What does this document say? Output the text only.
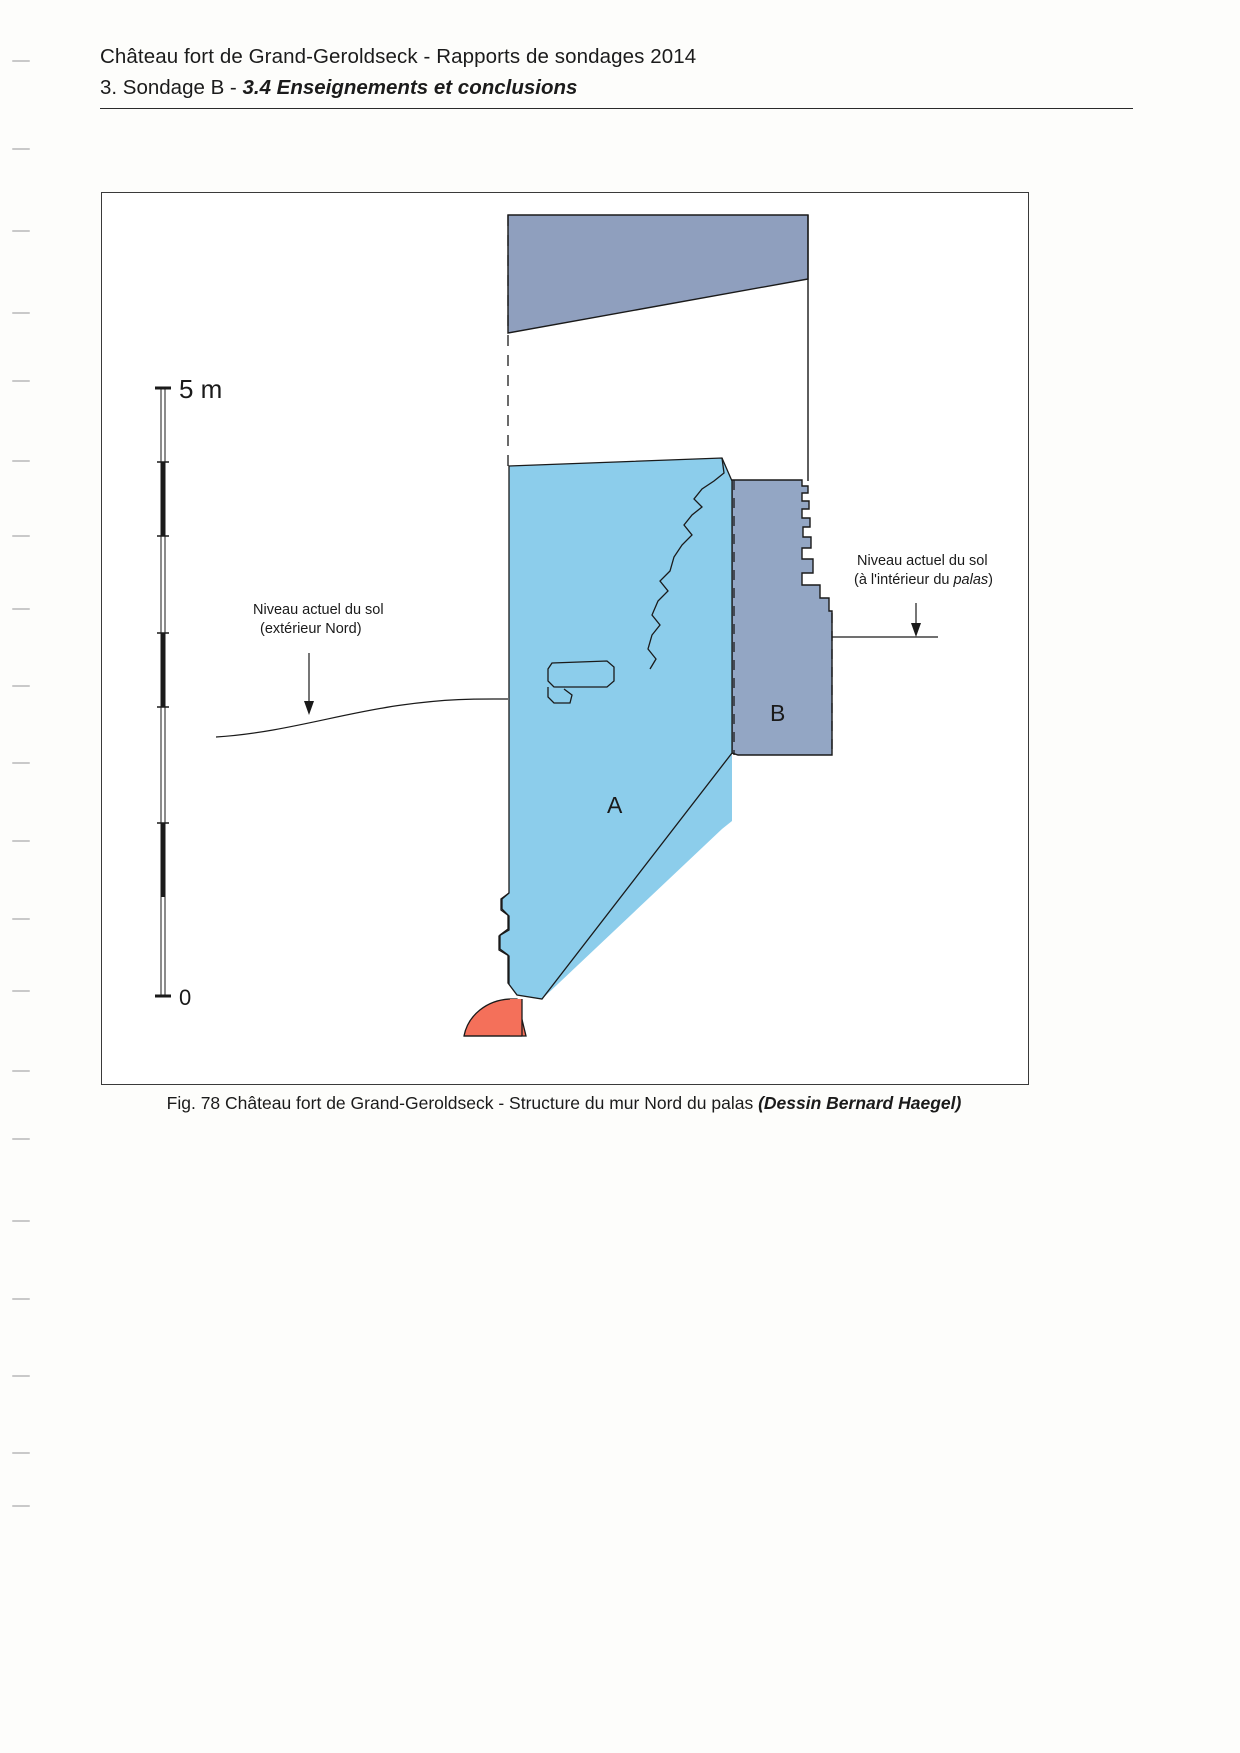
Château fort de Grand-Geroldseck - Rapports de sondages 2014
3. Sondage B - 3.4 Enseignements et conclusions
5 m
0
Niveau actuel du sol
(extérieur Nord)
Niveau actuel du sol
(à l'intérieur du palas)
A
B
Fig. 78 Château fort de Grand-Geroldseck - Structure du mur Nord du palas (Dessin Bernard Haegel)
